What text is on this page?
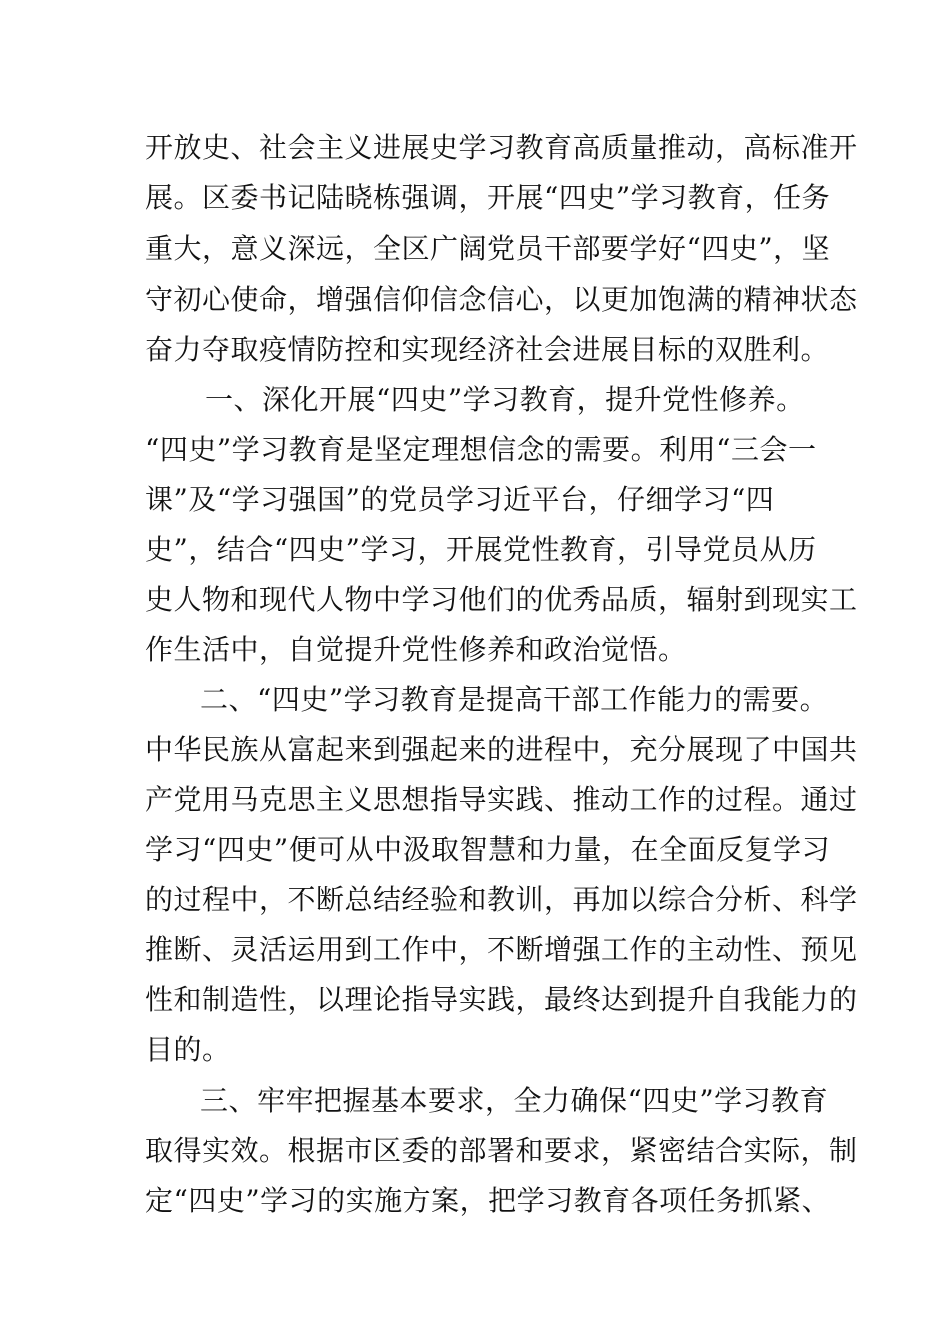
开放史、社会主义进展史学习教育高质量推动，高标准开
展。区委书记陆晓栋强调，开展“四史”学习教育，任务
重大，意义深远，全区广阔党员干部要学好“四史”，坚
守初心使命，增强信仰信念信心，以更加饱满的精神状态
奋力夺取疫情防控和实现经济社会进展目标的双胜利。
一、深化开展“四史”学习教育，提升党性修养。
“四史”学习教育是坚定理想信念的需要。利用“三会一
课”及“学习强国”的党员学习近平台，仔细学习“四
史”，结合“四史”学习，开展党性教育，引导党员从历
史人物和现代人物中学习他们的优秀品质，辐射到现实工
作生活中，自觉提升党性修养和政治觉悟。
二、“四史”学习教育是提高干部工作能力的需要。
中华民族从富起来到强起来的进程中，充分展现了中国共
产党用马克思主义思想指导实践、推动工作的过程。通过
学习“四史”便可从中汲取智慧和力量，在全面反复学习
的过程中，不断总结经验和教训，再加以综合分析、科学
推断、灵活运用到工作中，不断增强工作的主动性、预见
性和制造性，以理论指导实践，最终达到提升自我能力的
目的。
三、牢牢把握基本要求，全力确保“四史”学习教育
取得实效。根据市区委的部署和要求，紧密结合实际，制
定“四史”学习的实施方案，把学习教育各项任务抓紧、
